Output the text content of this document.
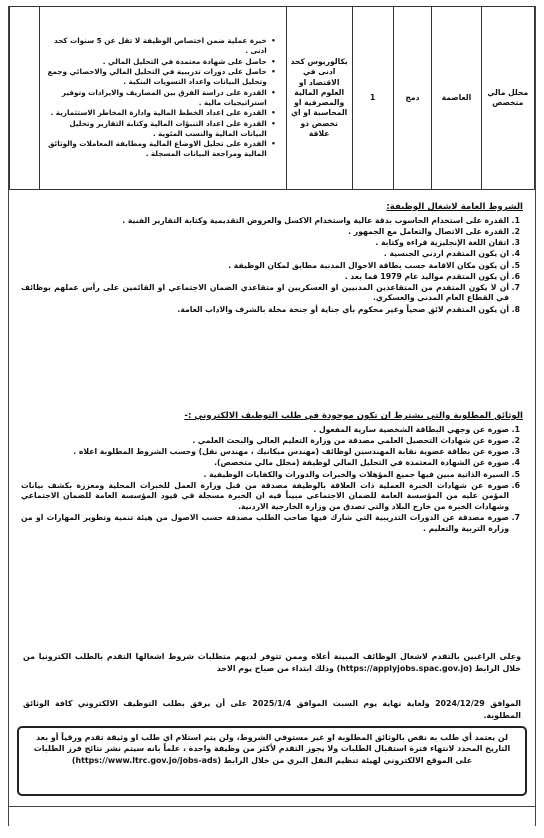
محلل مالي متخصص	العاصمة	دمج	1	بكالوريوس كحد ادنى في الاقتصاد او العلوم المالية والمصرفية او المحاسبة او اي تخصص ذو علاقة	
• خبرة عملية ضمن اختصاص الوظيفة لا تقل عن 5 سنوات كحد ادنى .
• حاصل على شهادة معتمدة في التحليل المالي .
• حاصل على دورات تدريبية في التحليل المالي والاحصائي وجمع وتحليل البيانات واعداد التسويات البنكية .
• القدرة على دراسة الفرق بين المصاريف والايرادات وتوفير استراتيجيات مالية .
• القدرة على اعداد الخطط المالية وادارة المخاطر الاستثمارية .
• القدرة على اعداد التنبؤات المالية وكتابة التقارير وتحليل البيانات المالية والنسب المئوية .
• القدرة على تحليل الاوضاع المالية ومطابقة المعاملات والوثائق المالية ومراجعة البيانات المسجلة .

الشروط العامة لاشغال الوظيفة:
1. القدرة على استخدام الحاسوب بدقة عالية واستخدام الاكسل والعروض التقديمية وكتابة التقارير الفنية .
2. القدرة على الاتصال والتعامل مع الجمهور .
3. اتقان اللغة الإنجليزية قراءة وكتابة .
4. ان يكون المتقدم اردني الجنسية .
5. أن يكون مكان الاقامة حسب بطاقة الاحوال المدنية مطابق لمكان الوظيفة .
6. أن يكون المتقدم مواليد عام 1979 فما بعد .
7. أن لا يكون المتقدم من المتقاعدين المدنيين او العسكريين او متقاعدي الضمان الاجتماعي او القائمين على رأس عملهم بوظائف في القطاع العام المدني والعسكري.
8. أن يكون المتقدم لائق صحياً وغير محكوم بأي جناية أو جنحة مخلة بالشرف والاداب العامة.
الوثائق المطلوبة والتي يشترط ان تكون موجودة في طلب التوظيف الالكتروني :-
1. صورة عن وجهي البطاقة الشخصية سارية المفعول .
2. صورة عن شهادات التحصيل العلمي مصدقة من وزارة التعليم العالي والبحث العلمي .
3. صورة عن بطاقة عضوية نقابة المهندسين لوظائف (مهندس ميكانيك ، مهندس نقل) وحسب الشروط المطلوبة اعلاه .
4. صورة عن الشهادة المعتمدة في التحليل المالي لوظيفة (محلل مالي متخصص).
5. السيرة الذاتية مبين فيها جميع المؤهلات والخبرات والدورات والكفايات الوظيفية .
6. صورة عن شهادات الخبرة العملية ذات العلاقة بالوظيفة مصدقة من قبل وزارة العمل للخبرات المحلية ومعززة بكشف بيانات المؤمن عليه من المؤسسة العامة للضمان الاجتماعي مبيناً فيه ان الخبرة مسجلة في قيود المؤسسة العامة للضمان الاجتماعي وشهادات الخبرة من خارج البلاد والتي تصدق من وزارة الخارجية الاردنية.
7. صورة مصدقة عن الدورات التدريبية التي شارك فيها صاحب الطلب مصدقة حسب الاصول من هيئة تنمية وتطوير المهارات او من وزارة التربية والتعليم .

وعلى الراغبين بالتقدم لاشغال الوظائف المبينة أعلاه وممن تتوفر لديهم متطلبات شروط اشغالها التقدم بالطلب الكترونيا من خلال الرابط (https://applyjobs.spac.gov.jo) وذلك ابتداء من صباح يوم الاحد

الموافق 2024/12/29 ولغاية نهاية يوم السبت الموافق 2025/1/4 على أن يرفق بطلب التوظيف الالكتروني كافة الوثائق المطلوبة.

لن يعتمد أي طلب به نقص بالوثائق المطلوبة او غير مستوفي الشروط، ولن يتم استلام اي طلب او وثيقة تقدم ورقياً أو بعد التاريخ المحدد لانتهاء فترة استقبال الطلبات ولا يجوز التقدم لأكثر من وظيفة واحدة ، علماً بانه سيتم نشر نتائج فرز الطلبات على الموقع الالكتروني لهيئة تنظيم النقل البري من خلال الرابط (https://www.ltrc.gov.jo/jobs-ads)
